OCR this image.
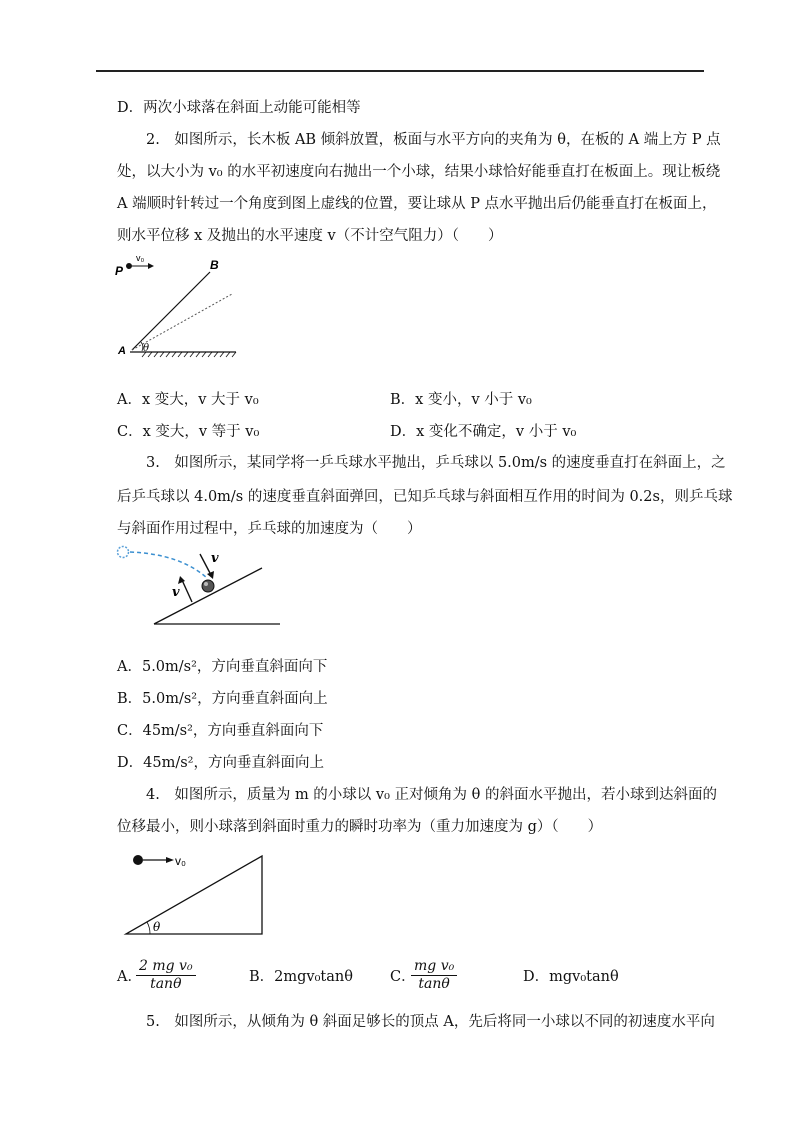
D．两次小球落在斜面上动能可能相等
2.　如图所示，长木板 AB 倾斜放置，板面与水平方向的夹角为 θ，在板的 A 端上方 P 点
处，以大小为 v₀ 的水平初速度向右抛出一个小球，结果小球恰好能垂直打在板面上。现让板绕
A 端顺时针转过一个角度到图上虚线的位置，要让球从 P 点水平抛出后仍能垂直打在板面上，
则水平位移 x 及抛出的水平速度 v（不计空气阻力）（　　）
P
v₀	B
A θ
A．x 变大，v 大于 v₀	B．x 变小，v 小于 v₀
C．x 变大，v 等于 v₀	D．x 变化不确定，v 小于 v₀
3.　如图所示，某同学将一乒乓球水平抛出，乒乓球以 5.0m/s 的速度垂直打在斜面上，之
后乒乓球以 4.0m/s 的速度垂直斜面弹回，已知乒乓球与斜面相互作用的时间为 0.2s，则乒乓球
与斜面作用过程中，乒乓球的加速度为（　　）
v
v
A．5.0m/s²，方向垂直斜面向下
B．5.0m/s²，方向垂直斜面向上
C．45m/s²，方向垂直斜面向下
D．45m/s²，方向垂直斜面向上
4.　如图所示，质量为 m 的小球以 v₀ 正对倾角为 θ 的斜面水平抛出，若小球到达斜面的
位移最小，则小球落到斜面时重力的瞬时功率为（重力加速度为 g）（　　）
v₀
θ
A．
$\frac{\text{2 mg v₀}}{\tan\theta}$	B．2mgv₀tanθ	C．
$\frac{\text{mg v₀}}{\tan\theta}$	D．mgv₀tanθ
5.　如图所示，从倾角为 θ 斜面足够长的顶点 A，先后将同一小球以不同的初速度水平向
